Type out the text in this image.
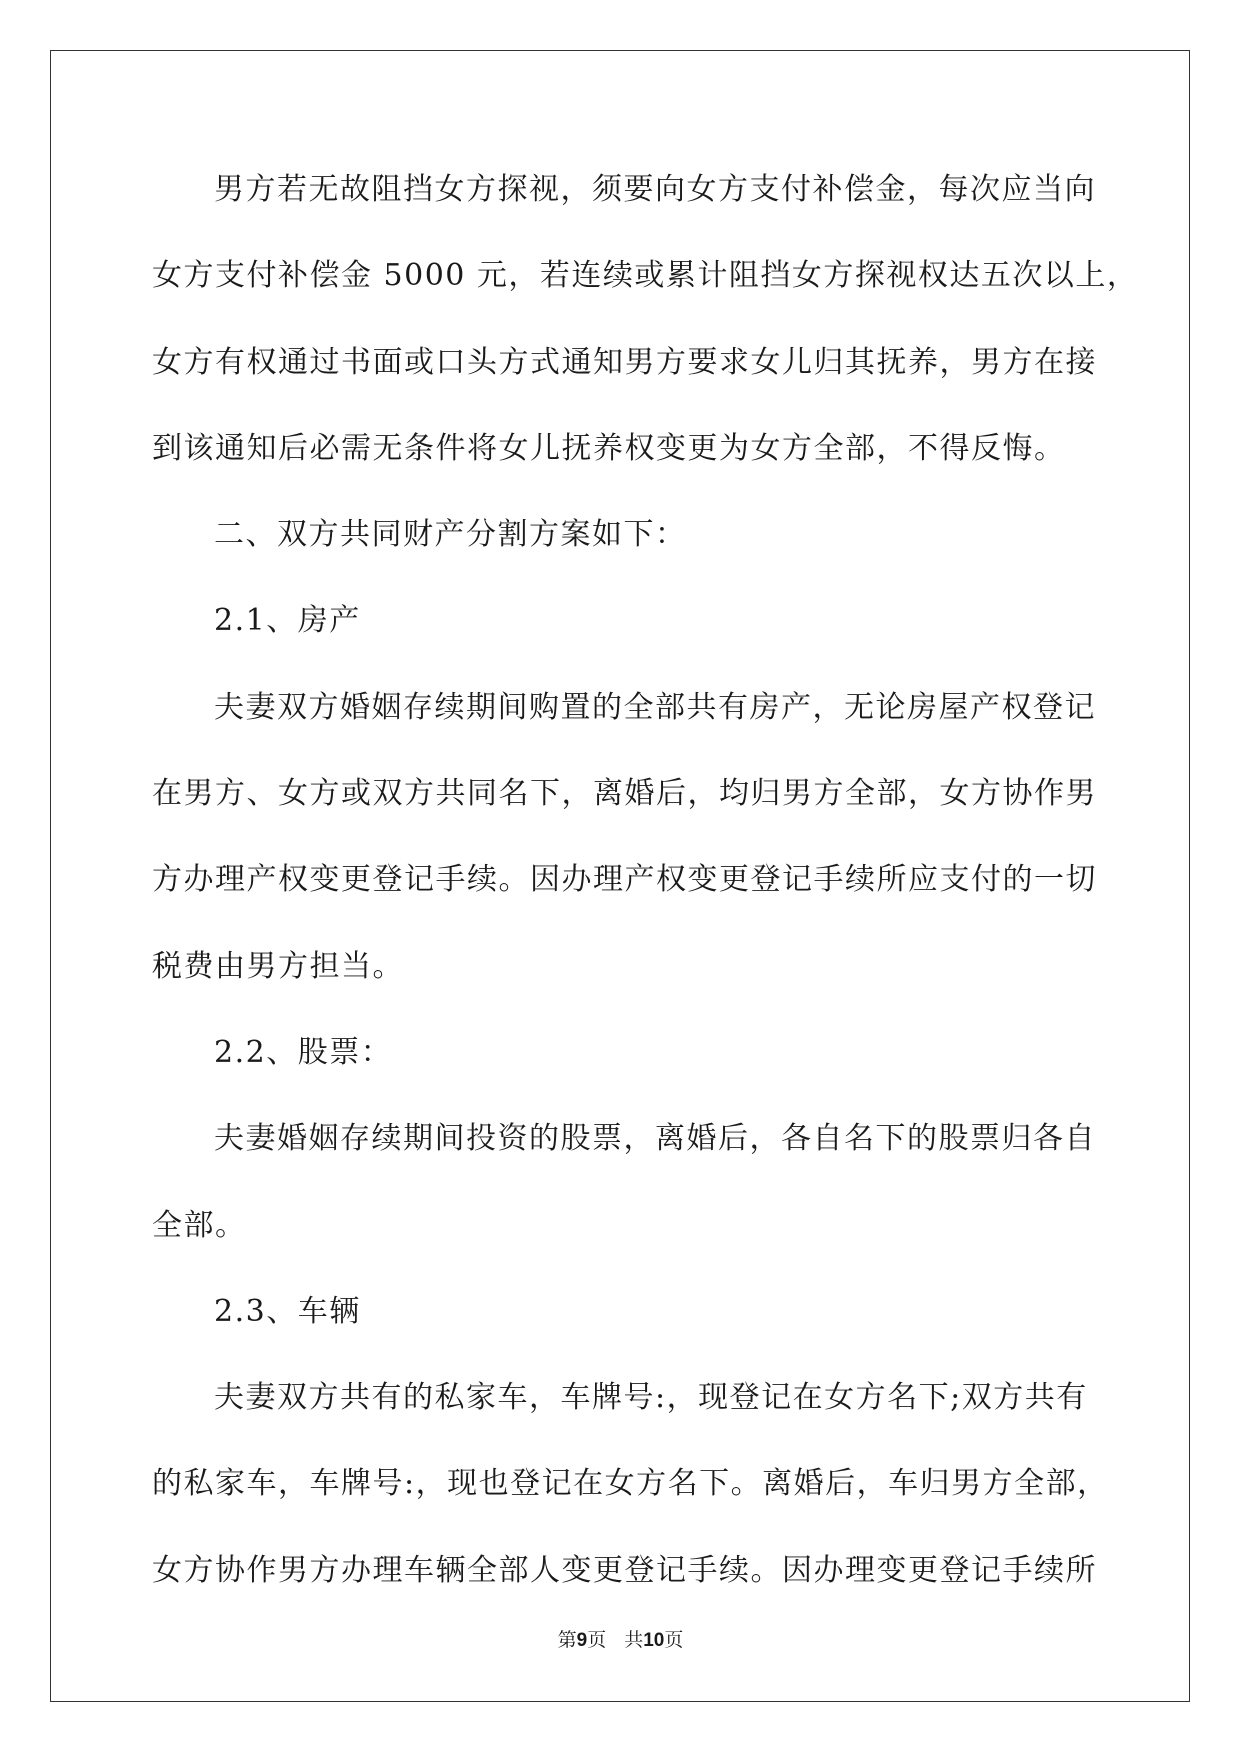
男方若无故阻挡女方探视，须要向女方支付补偿金，每次应当向
女方支付补偿金 5000 元，若连续或累计阻挡女方探视权达五次以上，
女方有权通过书面或口头方式通知男方要求女儿归其抚养，男方在接
到该通知后必需无条件将女儿抚养权变更为女方全部，不得反悔。
二、双方共同财产分割方案如下：
2.1、房产
夫妻双方婚姻存续期间购置的全部共有房产，无论房屋产权登记
在男方、女方或双方共同名下，离婚后，均归男方全部，女方协作男
方办理产权变更登记手续。因办理产权变更登记手续所应支付的一切
税费由男方担当。
2.2、股票：
夫妻婚姻存续期间投资的股票，离婚后，各自名下的股票归各自
全部。
2.3、车辆
夫妻双方共有的私家车，车牌号:，现登记在女方名下;双方共有
的私家车，车牌号:，现也登记在女方名下。离婚后，车归男方全部，
女方协作男方办理车辆全部人变更登记手续。因办理变更登记手续所
第9页 共10页
